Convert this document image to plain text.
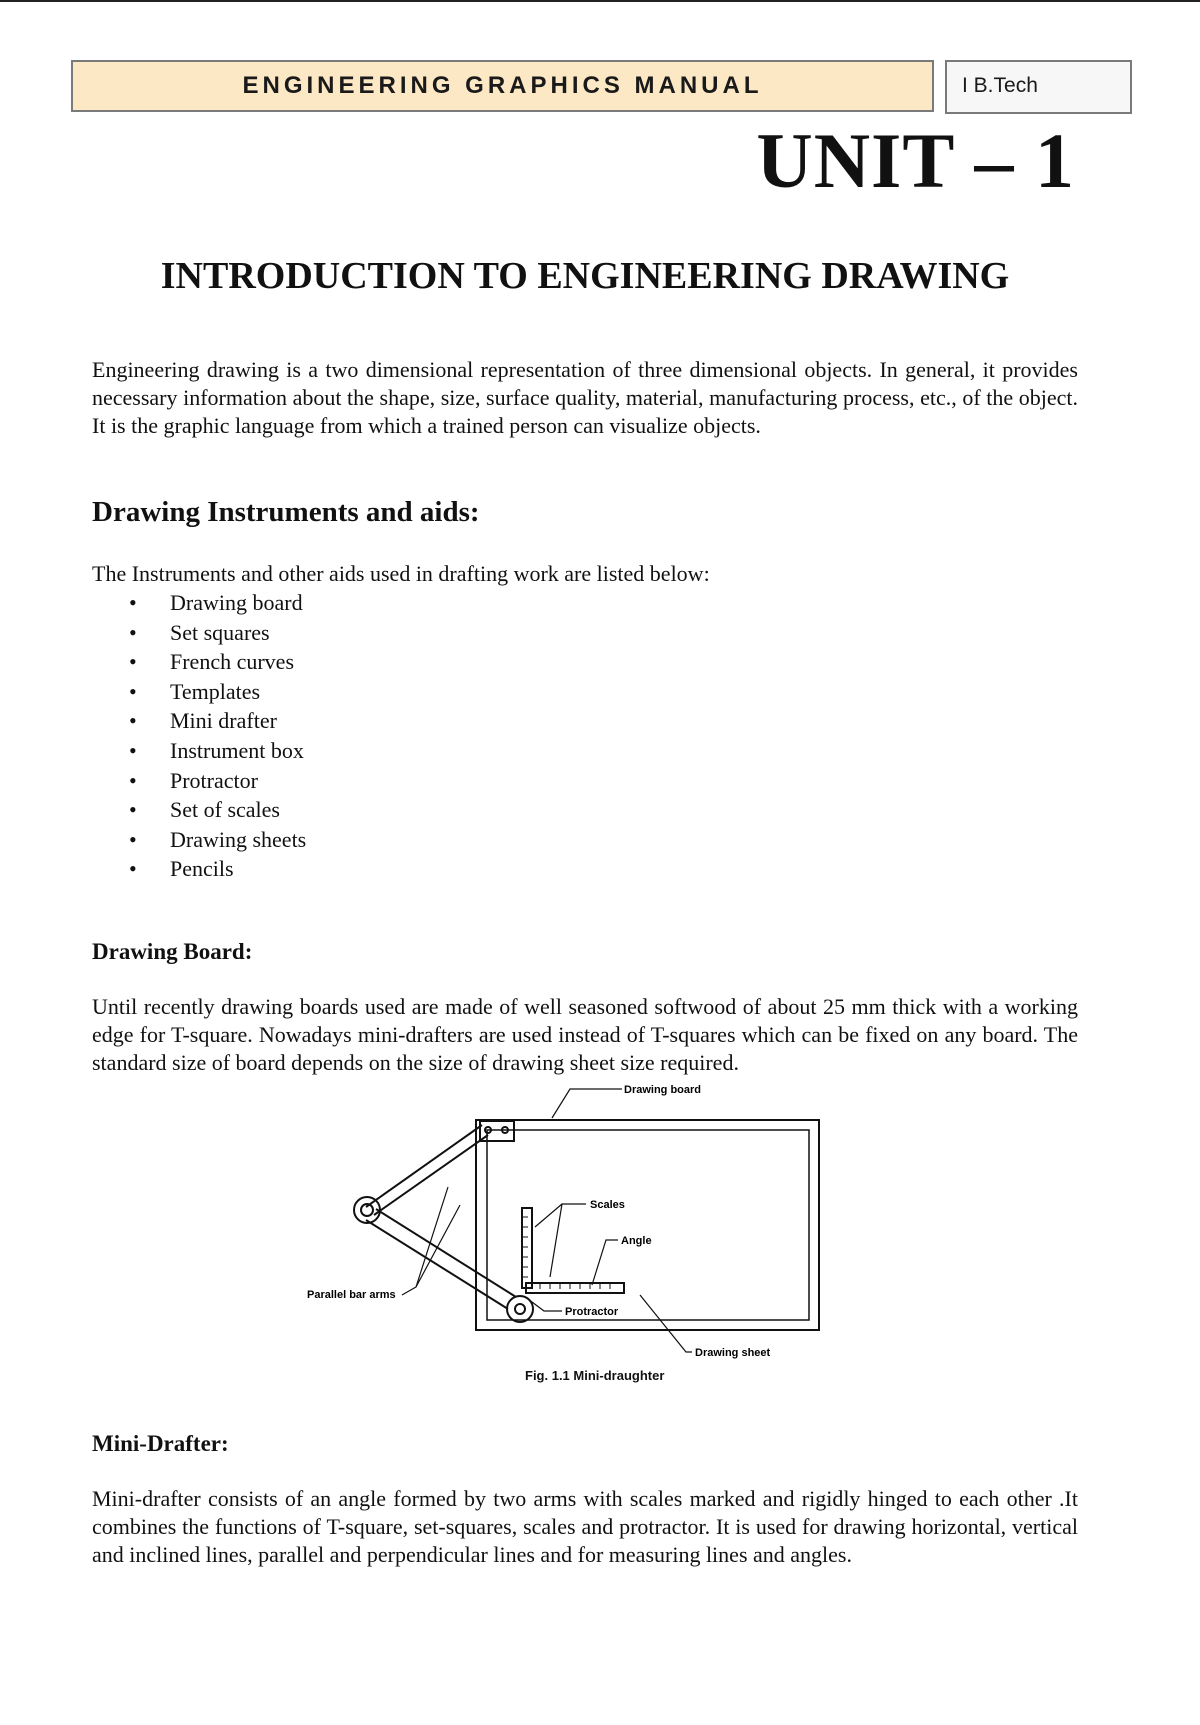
ENGINEERING GRAPHICS MANUAL	I B.Tech
UNIT – 1
INTRODUCTION TO ENGINEERING DRAWING

Engineering drawing is a two dimensional representation of three dimensional objects. In general, it provides necessary information about the shape, size, surface quality, material, manufacturing process, etc., of the object. It is the graphic language from which a trained person can visualize objects.

Drawing Instruments and aids:
The Instruments and other aids used in drafting work are listed below:
• Drawing board
• Set squares
• French curves
• Templates
• Mini drafter
• Instrument box
• Protractor
• Set of scales
• Drawing sheets
• Pencils
Drawing Board:

Until recently drawing boards used are made of well seasoned softwood of about 25 mm thick with a working edge for T-square. Nowadays mini-drafters are used instead of T-squares which can be fixed on any board. The standard size of board depends on the size of drawing sheet size required.

Drawing board
Scales
Angle
Parallel bar arms
Protractor
Drawing sheet
Fig. 1.1 Mini-draughter
Mini-Drafter:

Mini-drafter consists of an angle formed by two arms with scales marked and rigidly hinged to each other .It combines the functions of T-square, set-squares, scales and protractor. It is used for drawing horizontal, vertical and inclined lines, parallel and perpendicular lines and for measuring lines and angles.
